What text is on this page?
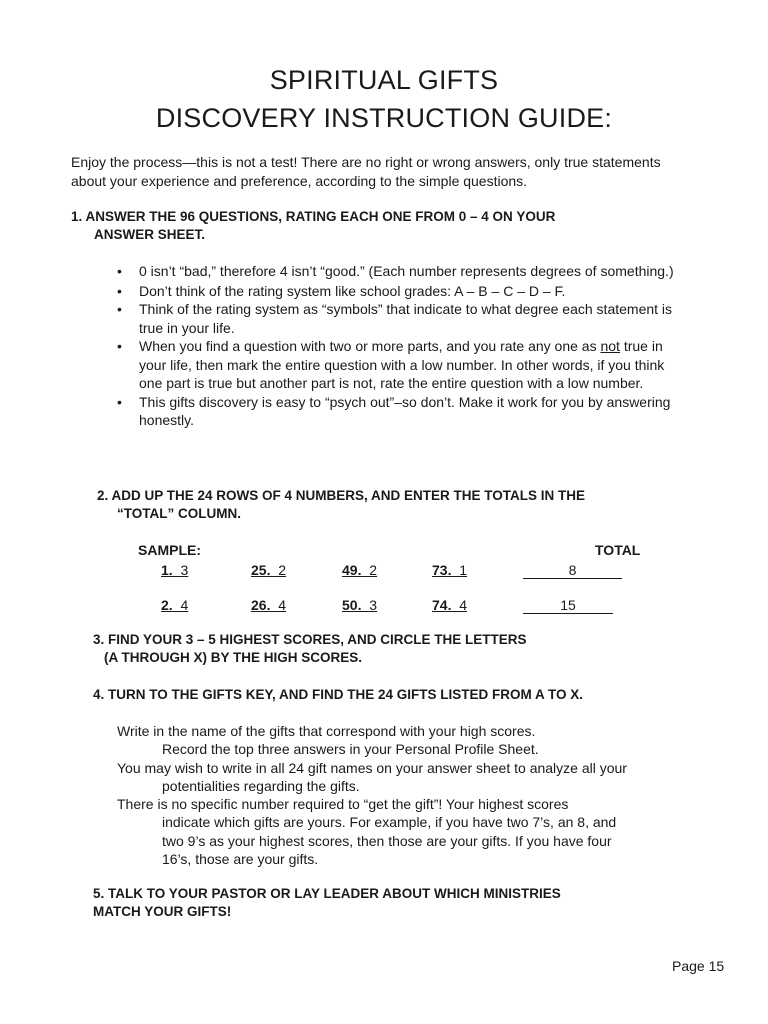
SPIRITUAL GIFTS
DISCOVERY INSTRUCTION GUIDE:
Enjoy the process—this is not a test! There are no right or wrong answers, only true statements about your experience and preference, according to the simple questions.
1. ANSWER THE 96 QUESTIONS, RATING EACH ONE FROM 0 – 4 ON YOUR
ANSWER SHEET.
• 0 isn’t “bad,” therefore 4 isn’t “good.” (Each number represents degrees of something.)
• Don’t think of the rating system like school grades: A – B – C – D – F.
• Think of the rating system as “symbols” that indicate to what degree each statement is true in your life.
• When you find a question with two or more parts, and you rate any one as not true in your life, then mark the entire question with a low number. In other words, if you think one part is true but another part is not, rate the entire question with a low number.
• This gifts discovery is easy to “psych out”–so don’t. Make it work for you by answering honestly.
2. ADD UP THE 24 ROWS OF 4 NUMBERS, AND ENTER THE TOTALS IN THE
“TOTAL” COLUMN.
SAMPLE:	TOTAL
1. 3	25. 2	49. 2	73. 1	8
2. 4	26. 4	50. 3	74. 4	15
3. FIND YOUR 3 – 5 HIGHEST SCORES, AND CIRCLE THE LETTERS
(A THROUGH X) BY THE HIGH SCORES.
4. TURN TO THE GIFTS KEY, AND FIND THE 24 GIFTS LISTED FROM A TO X.

Write in the name of the gifts that correspond with your high scores.

Record the top three answers in your Personal Profile Sheet.

You may wish to write in all 24 gift names on your answer sheet to analyze all your

potentialities regarding the gifts.

There is no specific number required to “get the gift”! Your highest scores

indicate which gifts are yours. For example, if you have two 7’s, an 8, and

two 9’s as your highest scores, then those are your gifts. If you have four

16’s, those are your gifts.

5. TALK TO YOUR PASTOR OR LAY LEADER ABOUT WHICH MINISTRIES
MATCH YOUR GIFTS!
Page 15
